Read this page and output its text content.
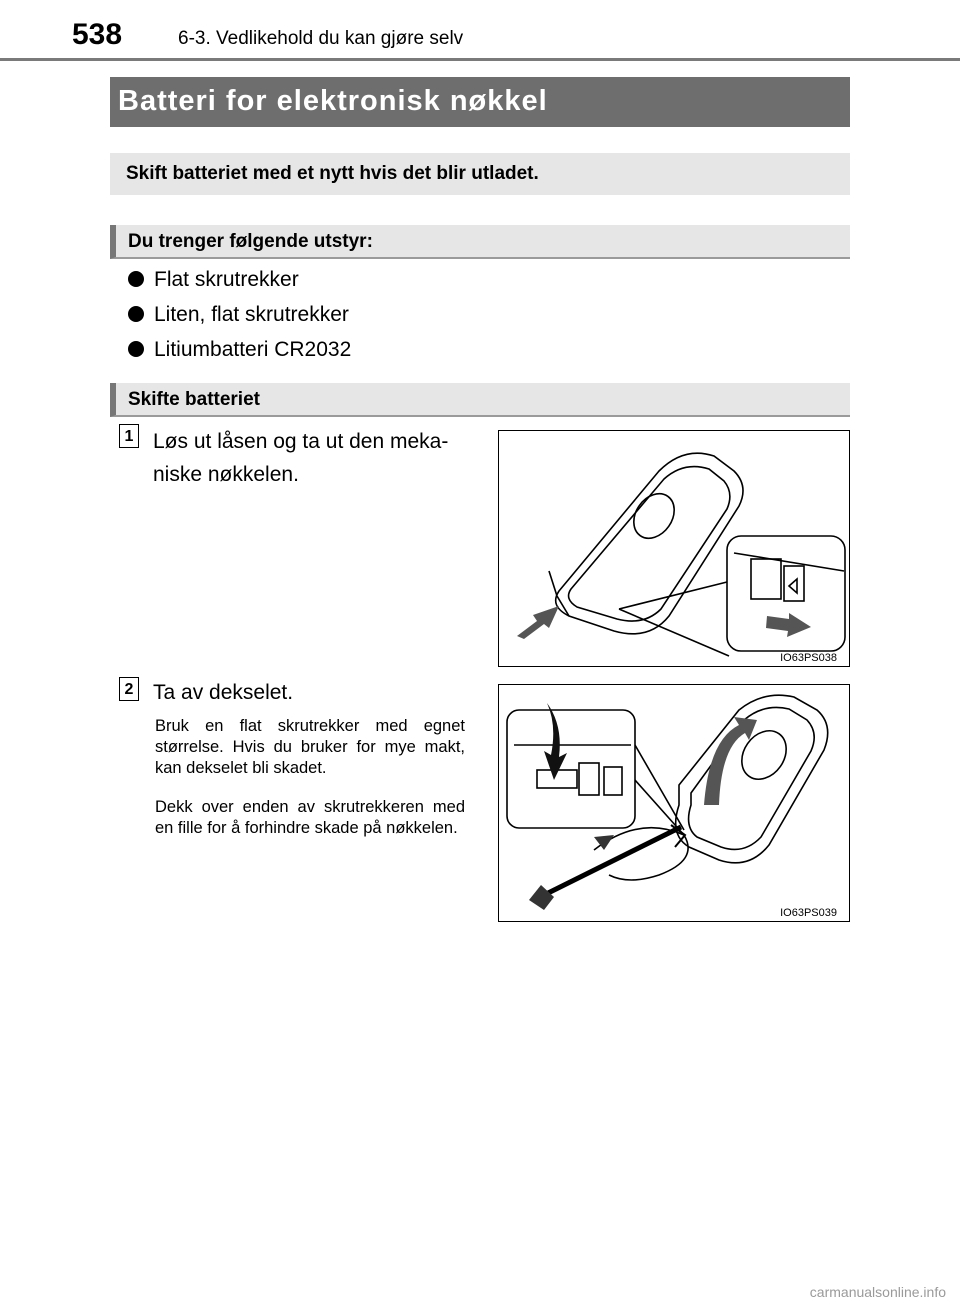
538	6-3. Vedlikehold du kan gjøre selv
Batteri for elektronisk nøkkel
Skift batteriet med et nytt hvis det blir utladet.
Du trenger følgende utstyr:
Flat skrutrekker
Liten, flat skrutrekker
Litiumbatteri CR2032
Skifte batteriet
1 Løs ut låsen og ta ut den meka-
niske nøkkelen.
IO63PS038
2 Ta av dekselet.
Bruk en flat skrutrekker med egnet størrelse. Hvis du bruker for mye makt, kan dekselet bli skadet.
Dekk over enden av skrutrekkeren med en fille for å forhindre skade på nøkkelen.
IO63PS039
carmanualsonline.info
